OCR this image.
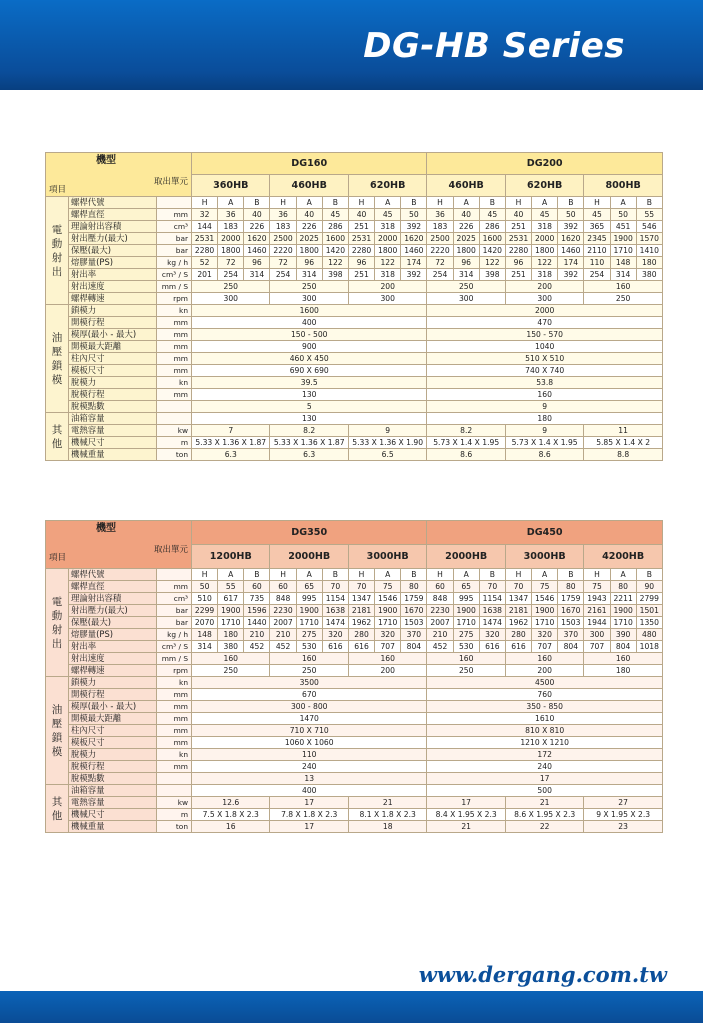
DG-HB Series
機型
取出單元
項目			DG160									DG200								
			360HB			460HB			620HB			460HB			620HB			800HB		
電動射出	螺桿代號		H	A	B	H	A	B	H	A	B	H	A	B	H	A	B	H	A	B
	螺桿直徑	mm	32	36	40	36	40	45	40	45	50	36	40	45	40	45	50	45	50	55
	理論射出容積	cm³	144	183	226	183	226	286	251	318	392	183	226	286	251	318	392	365	451	546
	射出壓力(最大)	bar	2531	2000	1620	2500	2025	1600	2531	2000	1620	2500	2025	1600	2531	2000	1620	2345	1900	1570
	保壓(最大)	bar	2280	1800	1460	2220	1800	1420	2280	1800	1460	2220	1800	1420	2280	1800	1460	2110	1710	1410
	熔膠量(PS)	kg / h	52	72	96	72	96	122	96	122	174	72	96	122	96	122	174	110	148	180
	射出率	cm³ / S	201	254	314	254	314	398	251	318	392	254	314	398	251	318	392	254	314	380
	射出速度	mm / S	250			250			200			250			200			160		
	螺桿轉速	rpm	300			300			300			300			300			250		
油壓鎖模	鎖模力	kn	1600									2000								
	開模行程	mm	400									470								
	模厚(最小 - 最大)	mm	150 - 500									150 - 570								
	開模最大距離	mm	900									1040								
	柱內尺寸	mm	460 X 450									510 X 510								
	模板尺寸	mm	690 X 690									740 X 740								
	脫模力	kn	39.5									53.8								
	脫模行程	mm	130									160								
	脫模點數		5									9								
其他	油箱容量		130									180								
	電熱容量	kw	7			8.2			9			8.2			9			11		
	機械尺寸	m	5.33 X 1.36 X 1.87			5.33 X 1.36 X 1.87			5.33 X 1.36 X 1.90			5.73 X 1.4 X 1.95			5.73 X 1.4 X 1.95			5.85 X 1.4 X 2		
	機械重量	ton	6.3			6.3			6.5			8.6			8.6			8.8		
機型
取出單元
項目			DG350									DG450								
			1200HB			2000HB			3000HB			2000HB			3000HB			4200HB		
電動射出	螺桿代號		H	A	B	H	A	B	H	A	B	H	A	B	H	A	B	H	A	B
	螺桿直徑	mm	50	55	60	60	65	70	70	75	80	60	65	70	70	75	80	75	80	90
	理論射出容積	cm³	510	617	735	848	995	1154	1347	1546	1759	848	995	1154	1347	1546	1759	1943	2211	2799
	射出壓力(最大)	bar	2299	1900	1596	2230	1900	1638	2181	1900	1670	2230	1900	1638	2181	1900	1670	2161	1900	1501
	保壓(最大)	bar	2070	1710	1440	2007	1710	1474	1962	1710	1503	2007	1710	1474	1962	1710	1503	1944	1710	1350
	熔膠量(PS)	kg / h	148	180	210	210	275	320	280	320	370	210	275	320	280	320	370	300	390	480
	射出率	cm³ / S	314	380	452	452	530	616	616	707	804	452	530	616	616	707	804	707	804	1018
	射出速度	mm / S	160			160			160			160			160			160		
	螺桿轉速	rpm	250			250			200			250			200			180		
油壓鎖模	鎖模力	kn	3500									4500								
	開模行程	mm	670									760								
	模厚(最小 - 最大)	mm	300 - 800									350 - 850								
	開模最大距離	mm	1470									1610								
	柱內尺寸	mm	710 X 710									810 X 810								
	模板尺寸	mm	1060 X 1060									1210 X 1210								
	脫模力	kn	110									172								
	脫模行程	mm	240									240								
	脫模點數		13									17								
其他	油箱容量		400									500								
	電熱容量	kw	12.6			17			21			17			21			27		
	機械尺寸	m	7.5 X 1.8 X 2.3			7.8 X 1.8 X 2.3			8.1 X 1.8 X 2.3			8.4 X 1.95 X 2.3			8.6 X 1.95 X 2.3			9 X 1.95 X 2.3		
	機械重量	ton	16			17			18			21			22			23		
www.dergang.com.tw
